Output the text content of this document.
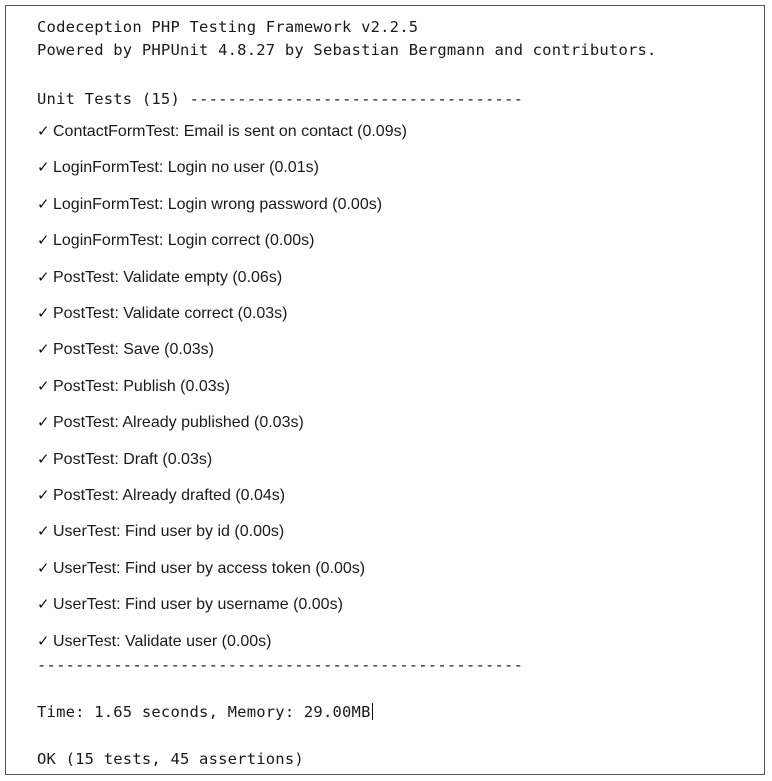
Codeception PHP Testing Framework v2.2.5
Powered by PHPUnit 4.8.27 by Sebastian Bergmann and contributors.
Unit Tests (15) -----------------------------------
✓ ContactFormTest: Email is sent on contact (0.09s)
✓ LoginFormTest: Login no user (0.01s)
✓ LoginFormTest: Login wrong password (0.00s)
✓ LoginFormTest: Login correct (0.00s)
✓ PostTest: Validate empty (0.06s)
✓ PostTest: Validate correct (0.03s)
✓ PostTest: Save (0.03s)
✓ PostTest: Publish (0.03s)
✓ PostTest: Already published (0.03s)
✓ PostTest: Draft (0.03s)
✓ PostTest: Already drafted (0.04s)
✓ UserTest: Find user by id (0.00s)
✓ UserTest: Find user by access token (0.00s)
✓ UserTest: Find user by username (0.00s)
✓ UserTest: Validate user (0.00s)
---------------------------------------------------
Time: 1.65 seconds, Memory: 29.00MB
OK (15 tests, 45 assertions)
